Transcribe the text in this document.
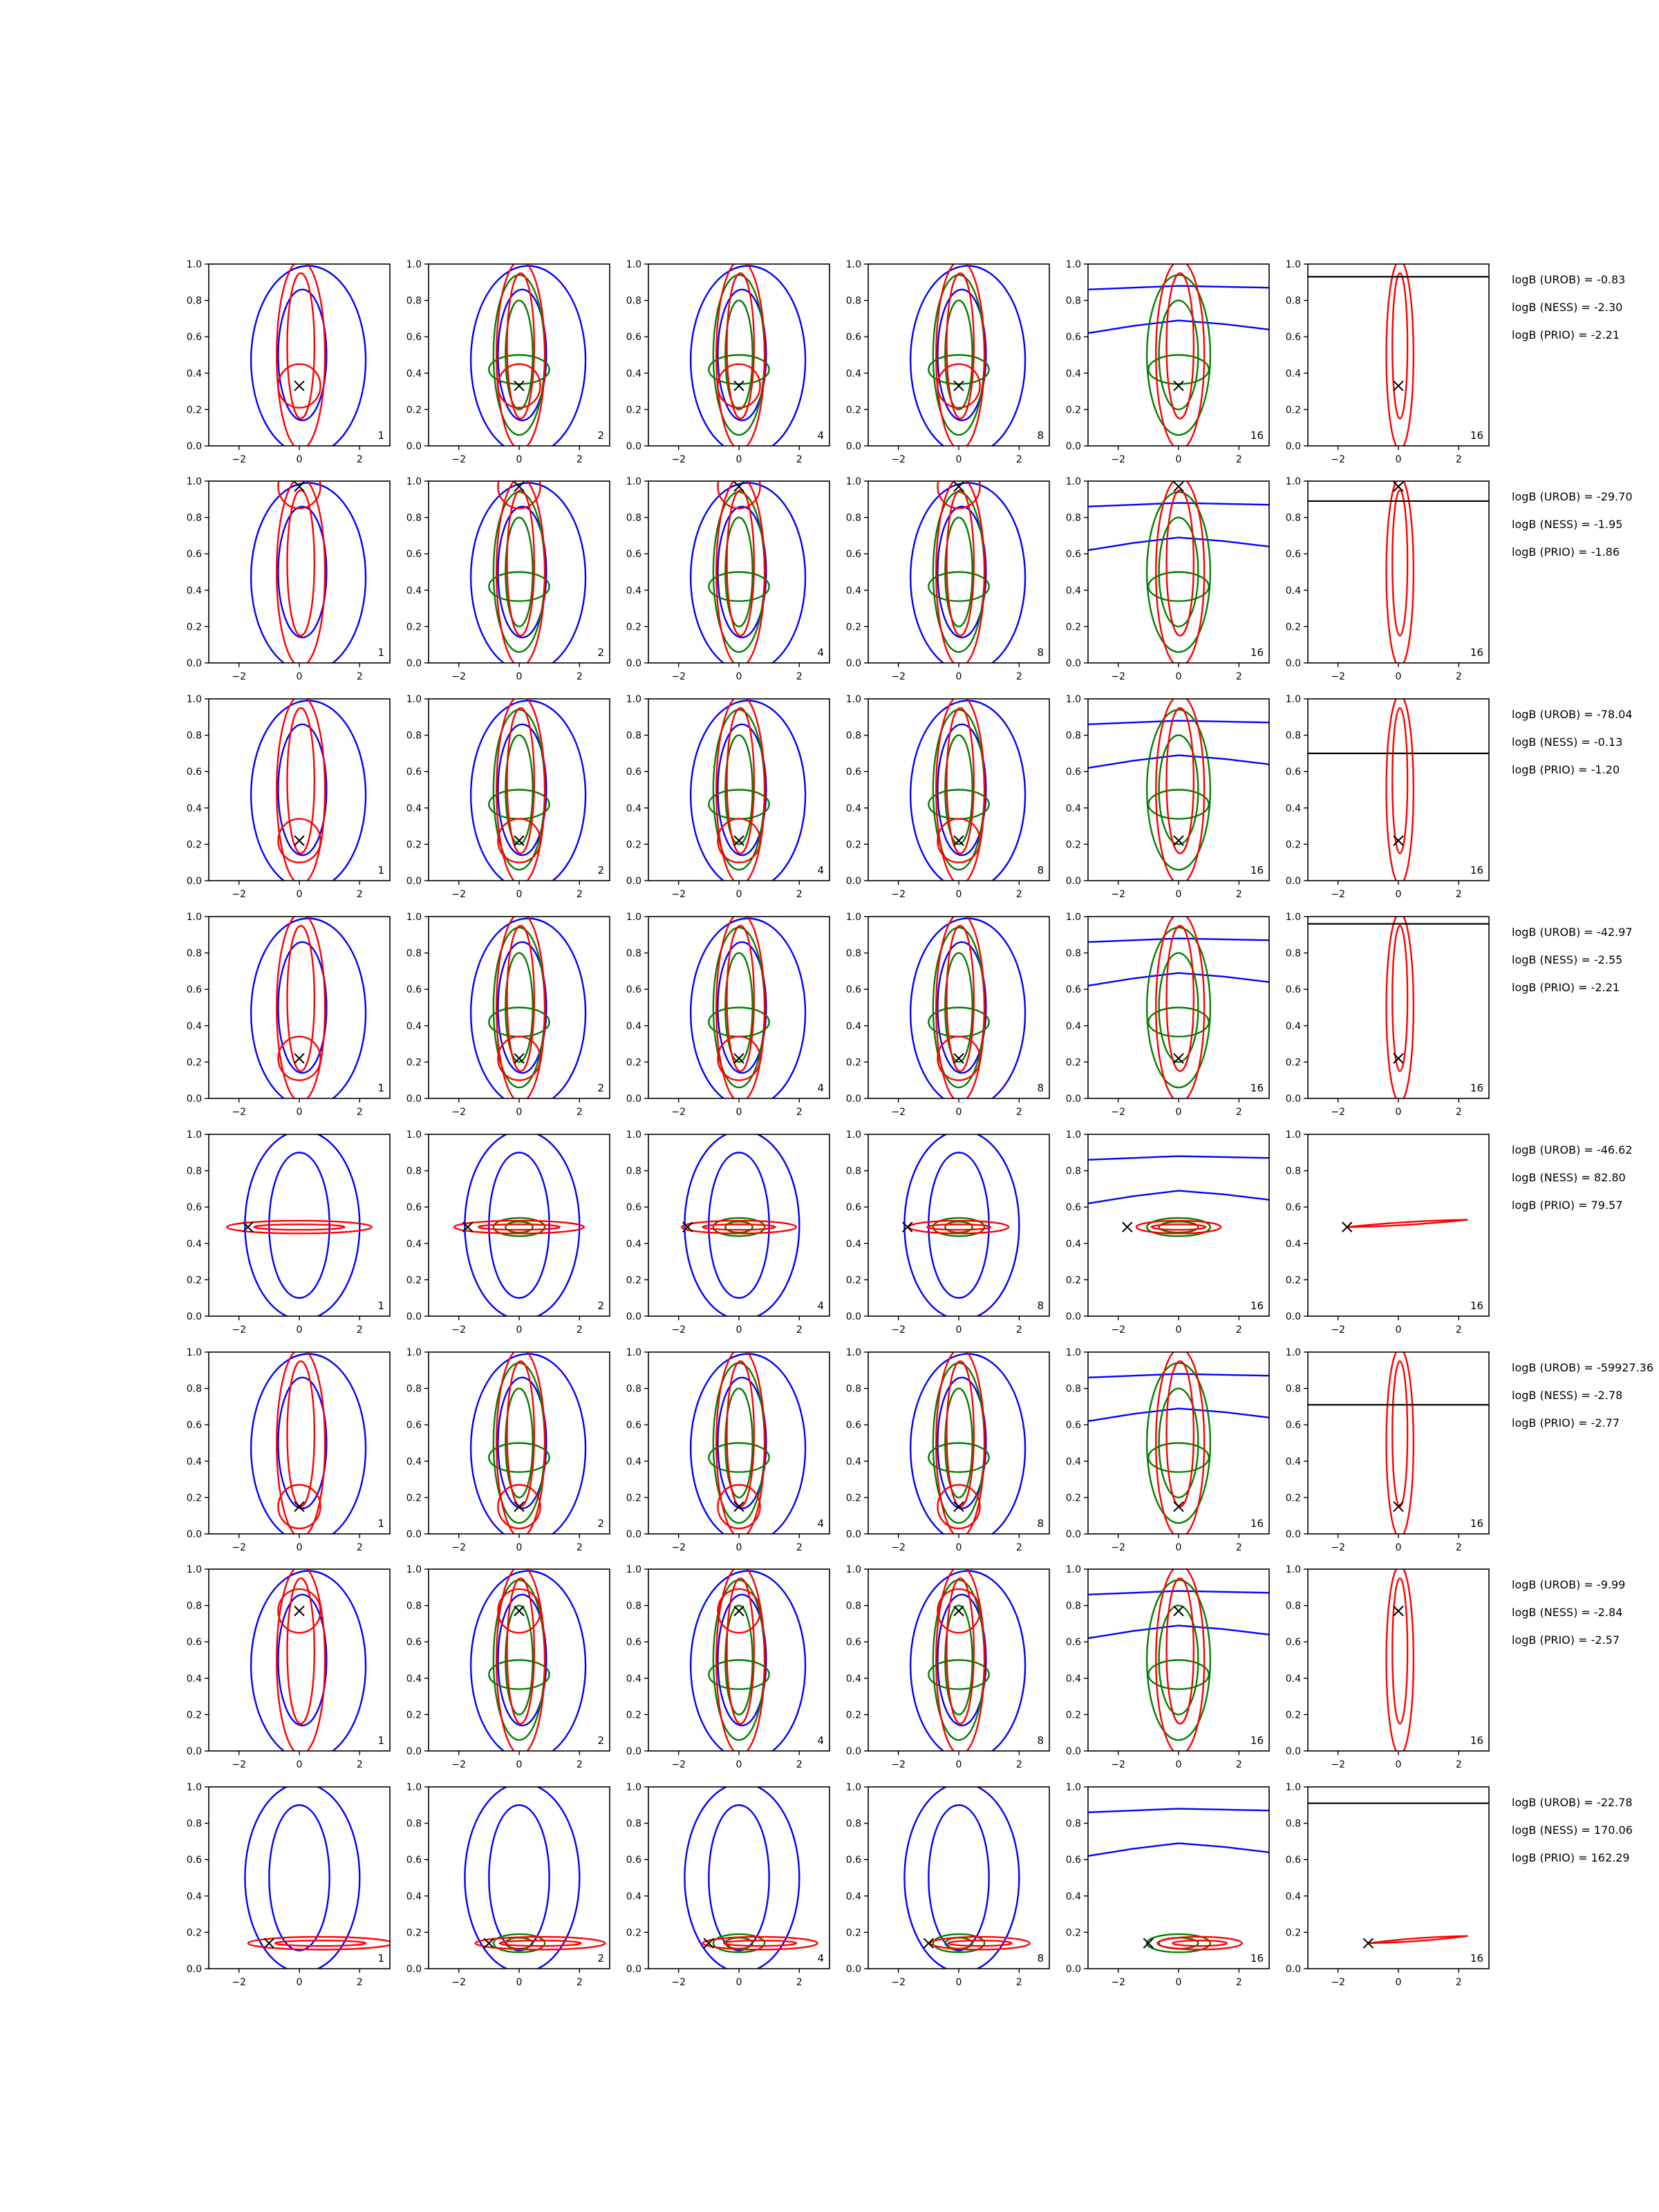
0.0
0.2
0.4
0.6
0.8
1.0
−2	0	2
1
0.0
0.2
0.4
0.6
0.8
1.0
−2	0	2
2
0.0
0.2
0.4
0.6
0.8
1.0
−2	0	2
4
0.0
0.2
0.4
0.6
0.8
1.0
−2	0	2
8
0.0
0.2
0.4
0.6
0.8
1.0
−2	0	2
16
0.0
0.2
0.4
0.6
0.8
1.0
−2	0	2
16
logB (UROB) = -0.83
logB (NESS) = -2.30
logB (PRIO) = -2.21
0.0
0.2
0.4
0.6
0.8
1.0
−2	0	2
1
0.0
0.2
0.4
0.6
0.8
1.0
−2	0	2
2
0.0
0.2
0.4
0.6
0.8
1.0
−2	0	2
4
0.0
0.2
0.4
0.6
0.8
1.0
−2	0	2
8
0.0
0.2
0.4
0.6
0.8
1.0
−2	0	2
16
0.0
0.2
0.4
0.6
0.8
1.0
−2	0	2
16
logB (UROB) = -29.70
logB (NESS) = -1.95
logB (PRIO) = -1.86
0.0
0.2
0.4
0.6
0.8
1.0
−2	0	2
1
0.0
0.2
0.4
0.6
0.8
1.0
−2	0	2
2
0.0
0.2
0.4
0.6
0.8
1.0
−2	0	2
4
0.0
0.2
0.4
0.6
0.8
1.0
−2	0	2
8
0.0
0.2
0.4
0.6
0.8
1.0
−2	0	2
16
0.0
0.2
0.4
0.6
0.8
1.0
−2	0	2
16
logB (UROB) = -78.04
logB (NESS) = -0.13
logB (PRIO) = -1.20
0.0
0.2
0.4
0.6
0.8
1.0
−2	0	2
1
0.0
0.2
0.4
0.6
0.8
1.0
−2	0	2
2
0.0
0.2
0.4
0.6
0.8
1.0
−2	0	2
4
0.0
0.2
0.4
0.6
0.8
1.0
−2	0	2
8
0.0
0.2
0.4
0.6
0.8
1.0
−2	0	2
16
0.0
0.2
0.4
0.6
0.8
1.0
−2	0	2
16
logB (UROB) = -42.97
logB (NESS) = -2.55
logB (PRIO) = -2.21
0.0
0.2
0.4
0.6
0.8
1.0
−2	0	2
1
0.0
0.2
0.4
0.6
0.8
1.0
−2	0	2
2
0.0
0.2
0.4
0.6
0.8
1.0
−2	0	2
4
0.0
0.2
0.4
0.6
0.8
1.0
−2	0	2
8
0.0
0.2
0.4
0.6
0.8
1.0
−2	0	2
16
0.0
0.2
0.4
0.6
0.8
1.0
−2	0	2
16
logB (UROB) = -46.62
logB (NESS) = 82.80
logB (PRIO) = 79.57
0.0
0.2
0.4
0.6
0.8
1.0
−2	0	2
1
0.0
0.2
0.4
0.6
0.8
1.0
−2	0	2
2
0.0
0.2
0.4
0.6
0.8
1.0
−2	0	2
4
0.0
0.2
0.4
0.6
0.8
1.0
−2	0	2
8
0.0
0.2
0.4
0.6
0.8
1.0
−2	0	2
16
0.0
0.2
0.4
0.6
0.8
1.0
−2	0	2
16
logB (UROB) = -59927.36
logB (NESS) = -2.78
logB (PRIO) = -2.77
0.0
0.2
0.4
0.6
0.8
1.0
−2	0	2
1
0.0
0.2
0.4
0.6
0.8
1.0
−2	0	2
2
0.0
0.2
0.4
0.6
0.8
1.0
−2	0	2
4
0.0
0.2
0.4
0.6
0.8
1.0
−2	0	2
8
0.0
0.2
0.4
0.6
0.8
1.0
−2	0	2
16
0.0
0.2
0.4
0.6
0.8
1.0
−2	0	2
16
logB (UROB) = -9.99
logB (NESS) = -2.84
logB (PRIO) = -2.57
0.0
0.2
0.4
0.6
0.8
1.0
−2	0	2
1
0.0
0.2
0.4
0.6
0.8
1.0
−2	0	2
2
0.0
0.2
0.4
0.6
0.8
1.0
−2	0	2
4
0.0
0.2
0.4
0.6
0.8
1.0
−2	0	2
8
0.0
0.2
0.4
0.6
0.8
1.0
−2	0	2
16
0.0
0.2
0.4
0.6
0.8
1.0
−2	0	2
16
logB (UROB) = -22.78
logB (NESS) = 170.06
logB (PRIO) = 162.29
